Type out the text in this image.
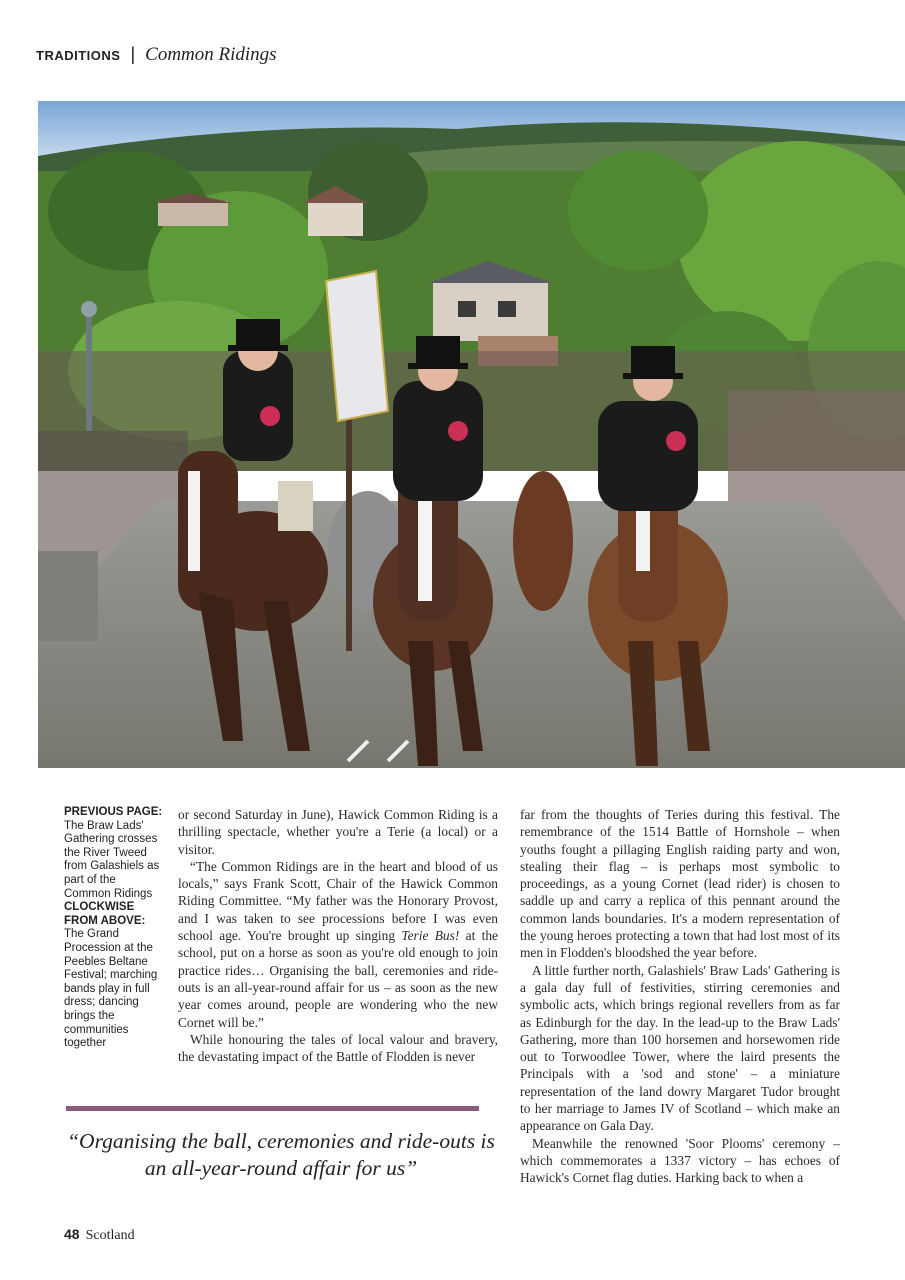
TRADITIONS | Common Ridings
PREVIOUS PAGE: The Braw Lads' Gathering crosses the River Tweed from Galashiels as part of the Common Ridings
CLOCKWISE FROM ABOVE: The Grand Procession at the Peebles Beltane Festival; marching bands play in full dress; dancing brings the communities together

or second Saturday in June), Hawick Common Riding is a thrilling spectacle, whether you're a Terie (a local) or a visitor.

“The Common Ridings are in the heart and blood of us locals,” says Frank Scott, Chair of the Hawick Common Riding Committee. “My father was the Honorary Provost, and I was taken to see processions before I was even school age. You're brought up singing Terie Bus! at the school, put on a horse as soon as you're old enough to join practice rides… Organising the ball, ceremonies and ride-outs is an all-year-round affair for us – as soon as the new year comes around, people are wondering who the new Cornet will be.”

While honouring the tales of local valour and bravery, the devastating impact of the Battle of Flodden is never

far from the thoughts of Teries during this festival. The remembrance of the 1514 Battle of Hornshole – when youths fought a pillaging English raiding party and won, stealing their flag – is perhaps most symbolic to proceedings, as a young Cornet (lead rider) is chosen to saddle up and carry a replica of this pennant around the common lands boundaries. It's a modern representation of the young heroes protecting a town that had lost most of its men in Flodden's bloodshed the year before.

A little further north, Galashiels' Braw Lads' Gathering is a gala day full of festivities, stirring ceremonies and symbolic acts, which brings regional revellers from as far as Edinburgh for the day. In the lead-up to the Braw Lads' Gathering, more than 100 horsemen and horsewomen ride out to Torwoodlee Tower, where the laird presents the Principals with a 'sod and stone' – a miniature representation of the land dowry Margaret Tudor brought to her marriage to James IV of Scotland – which make an appearance on Gala Day.

Meanwhile the renowned 'Soor Plooms' ceremony – which commemorates a 1337 victory – has echoes of Hawick's Cornet flag duties. Harking back to when a

“Organising the ball, ceremonies and ride-outs is an all-year-round affair for us”
48 Scotland
